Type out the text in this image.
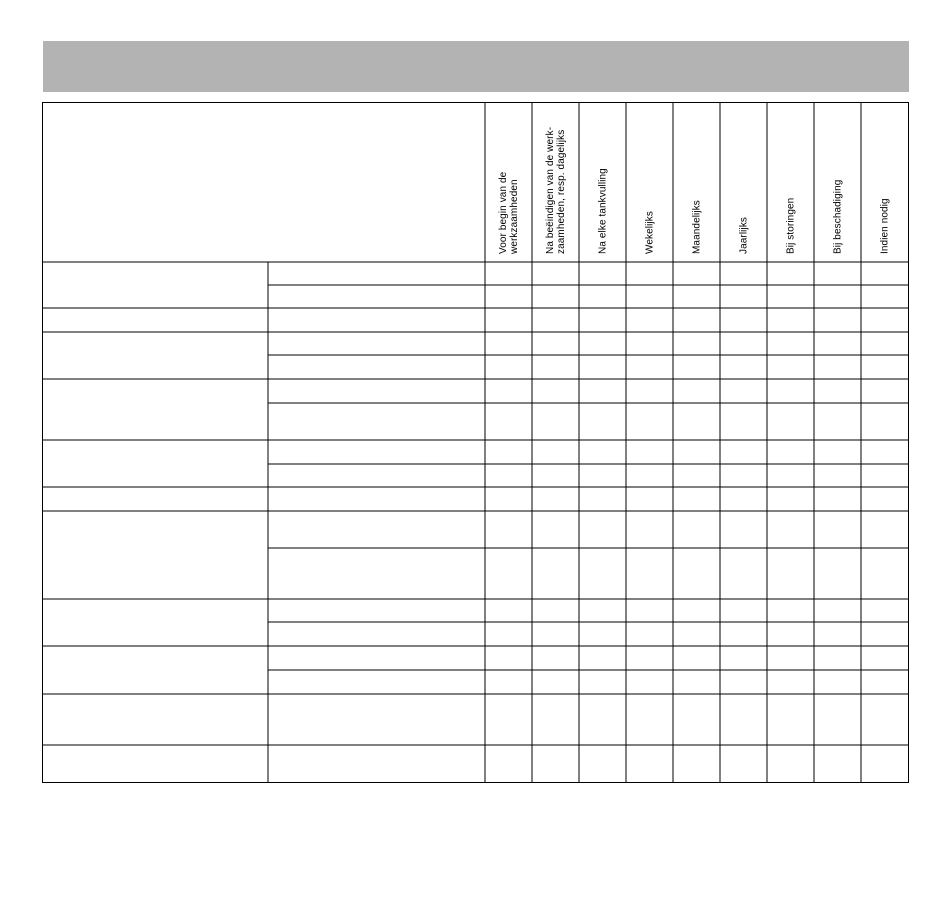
Voor begin van de werkzaamheden	Na beëindigen van de werk- zaamheden, resp. dagelijks	Na elke tankvulling	Wekelijks	Maandelijks	Jaarlijks	Bij storingen	Bij beschadiging	Indien nodig
